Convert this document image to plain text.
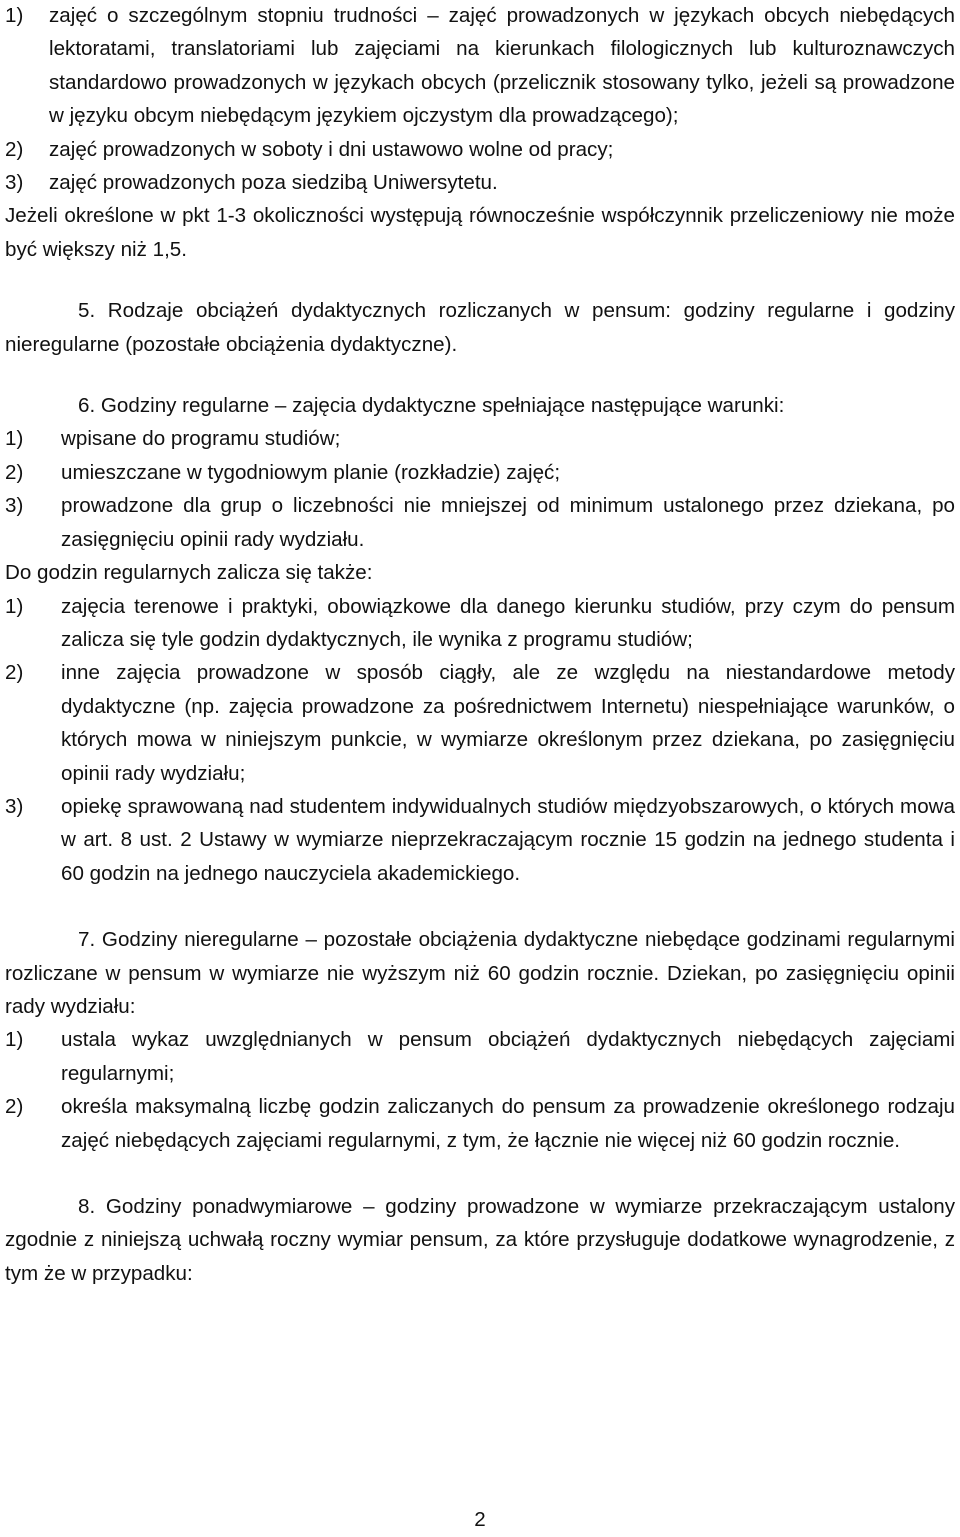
1) zajęć o szczególnym stopniu trudności – zajęć prowadzonych w językach obcych niebędących lektoratami, translatoriami lub zajęciami na kierunkach filologicznych lub kulturoznawczych standardowo prowadzonych w językach obcych (przelicznik stosowany tylko, jeżeli są prowadzone w języku obcym niebędącym językiem ojczystym dla prowadzącego);
2) zajęć prowadzonych w soboty i dni ustawowo wolne od pracy;
3) zajęć prowadzonych poza siedzibą Uniwersytetu.

Jeżeli określone w pkt 1-3 okoliczności występują równocześnie współczynnik przeliczeniowy nie może być większy niż 1,5.

5. Rodzaje obciążeń dydaktycznych rozliczanych w pensum: godziny regularne i godziny nieregularne (pozostałe obciążenia dydaktyczne).

6. Godziny regularne – zajęcia dydaktyczne spełniające następujące warunki:

1) wpisane do programu studiów;
2) umieszczane w tygodniowym planie (rozkładzie) zajęć;
3) prowadzone dla grup o liczebności nie mniejszej od minimum ustalonego przez dziekana, po zasięgnięciu opinii rady wydziału.

Do godzin regularnych zalicza się także:

1) zajęcia terenowe i praktyki, obowiązkowe dla danego kierunku studiów, przy czym do pensum zalicza się tyle godzin dydaktycznych, ile wynika z programu studiów;
2) inne zajęcia prowadzone w sposób ciągły, ale ze względu na niestandardowe metody dydaktyczne (np. zajęcia prowadzone za pośrednictwem Internetu) niespełniające warunków, o których mowa w niniejszym punkcie, w wymiarze określonym przez dziekana, po zasięgnięciu opinii rady wydziału;
3) opiekę sprawowaną nad studentem indywidualnych studiów międzyobszarowych, o których mowa w art. 8 ust. 2 Ustawy w wymiarze nieprzekraczającym rocznie 15 godzin na jednego studenta i 60 godzin na jednego nauczyciela akademickiego.

7. Godziny nieregularne – pozostałe obciążenia dydaktyczne niebędące godzinami regularnymi rozliczane w pensum w wymiarze nie wyższym niż 60 godzin rocznie. Dziekan, po zasięgnięciu opinii rady wydziału:

1) ustala wykaz uwzględnianych w pensum obciążeń dydaktycznych niebędących zajęciami regularnymi;
2) określa maksymalną liczbę godzin zaliczanych do pensum za prowadzenie określonego rodzaju zajęć niebędących zajęciami regularnymi, z tym, że łącznie nie więcej niż 60 godzin rocznie.

8. Godziny ponadwymiarowe – godziny prowadzone w wymiarze przekraczającym ustalony zgodnie z niniejszą uchwałą roczny wymiar pensum, za które przysługuje dodatkowe wynagrodzenie, z tym że w przypadku:

2
